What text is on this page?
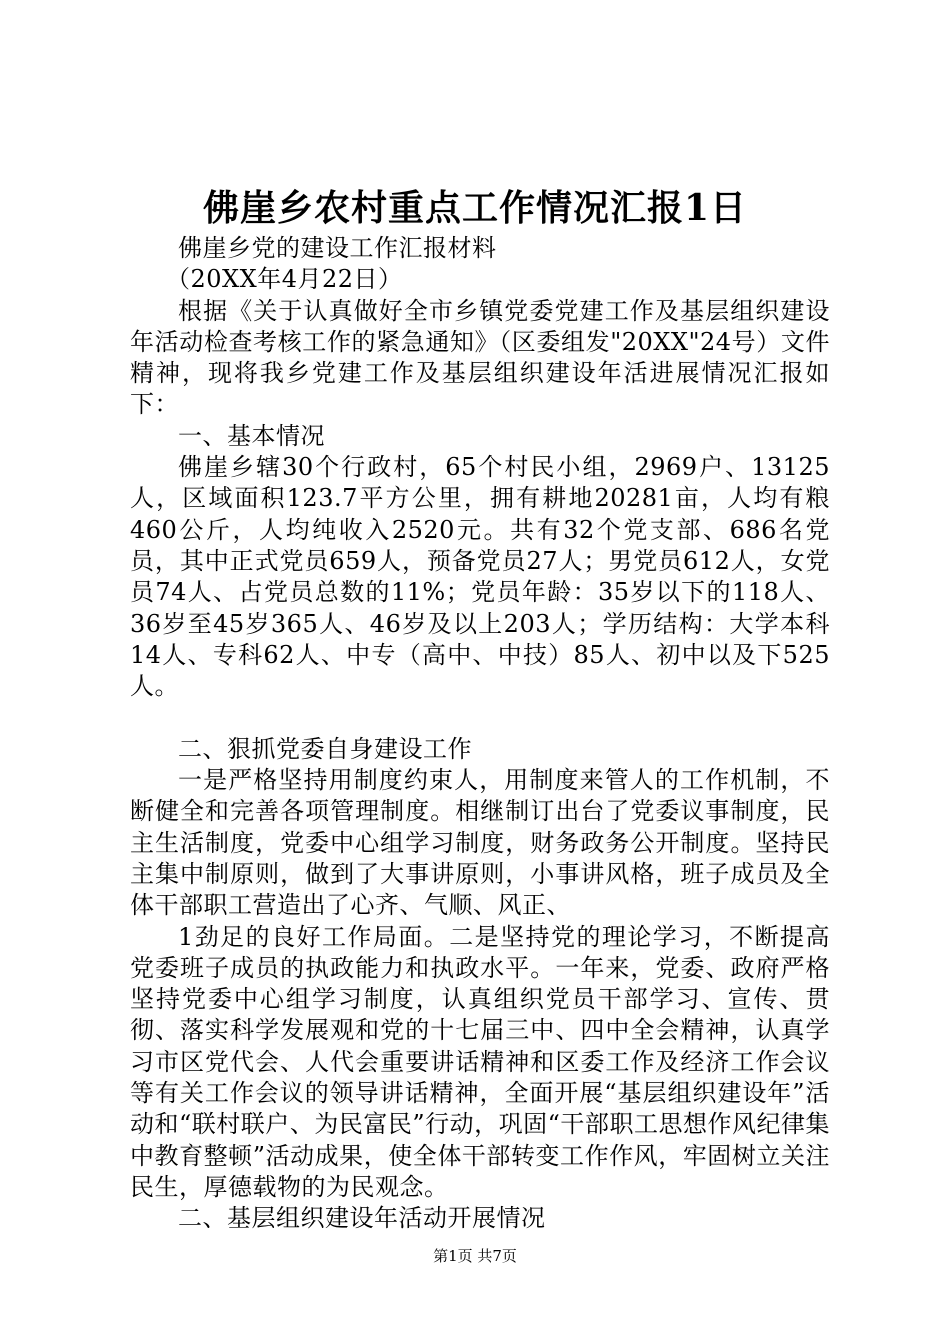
佛崖乡农村重点工作情况汇报1日

佛崖乡党的建设工作汇报材料

（20XX年4月22日）

根据《关于认真做好全市乡镇党委党建工作及基层组织建设年活动检查考核工作的紧急通知》（区委组发"20XX"24号）文件精神，现将我乡党建工作及基层组织建设年活进展情况汇报如下：

一、基本情况

佛崖乡辖30个行政村，65个村民小组，2969户、13125人，区域面积123.7平方公里，拥有耕地20281亩，人均有粮460公斤，人均纯收入2520元。共有32个党支部、686名党员，其中正式党员659人，预备党员27人；男党员612人，女党员74人、占党员总数的11%；党员年龄：35岁以下的118人、36岁至45岁365人、46岁及以上203人；学历结构：大学本科14人、专科62人、中专（高中、中技）85人、初中以及下525人。

二、狠抓党委自身建设工作

一是严格坚持用制度约束人，用制度来管人的工作机制，不断健全和完善各项管理制度。相继制订出台了党委议事制度，民主生活制度，党委中心组学习制度，财务政务公开制度。坚持民主集中制原则，做到了大事讲原则，小事讲风格，班子成员及全体干部职工营造出了心齐、气顺、风正、

1劲足的良好工作局面。二是坚持党的理论学习，不断提高党委班子成员的执政能力和执政水平。一年来，党委、政府严格坚持党委中心组学习制度，认真组织党员干部学习、宣传、贯彻、落实科学发展观和党的十七届三中、四中全会精神，认真学习市区党代会、人代会重要讲话精神和区委工作及经济工作会议等有关工作会议的领导讲话精神，全面开展“基层组织建设年”活动和“联村联户、为民富民”行动，巩固“干部职工思想作风纪律集中教育整顿”活动成果，使全体干部转变工作作风，牢固树立关注民生，厚德载物的为民观念。

二、基层组织建设年活动开展情况

第1页 共7页
